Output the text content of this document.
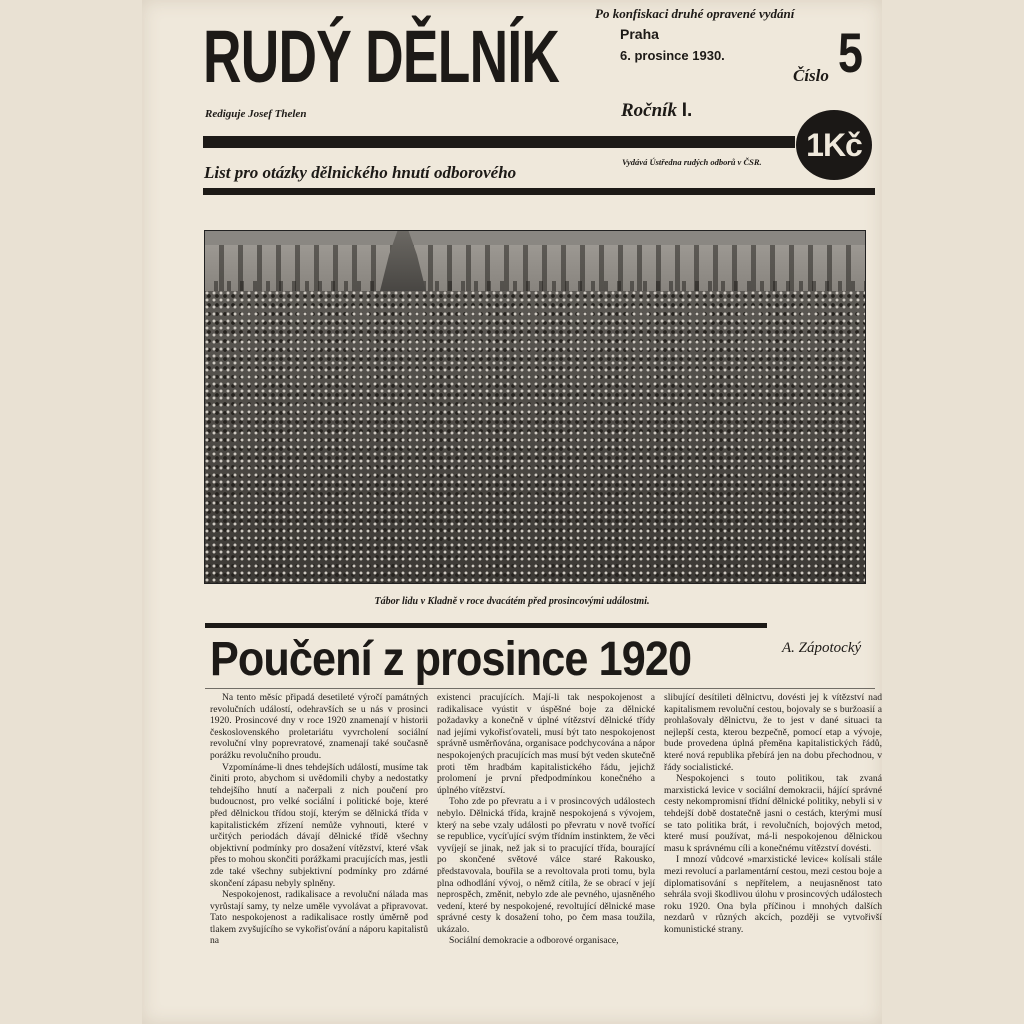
RUDÝ DĚLNÍK
Rediguje Josef Thelen
Po konfiskaci druhé opravené vydání
Praha
6. prosince 1930.
Číslo 5
Ročník I.
1Kč
List pro otázky dělnického hnutí odborového
Vydává Ústředna rudých odborů v ČSR.
Tábor lidu v Kladně v roce dvacátém před prosincovými událostmi.
Poučení z prosince 1920	A. Zápotocký

Na tento měsíc připadá desetileté výročí památných revolučních událostí, odehravších se u nás v prosinci 1920. Prosincové dny v roce 1920 znamenají v historii československého proletariátu vyvrcholení sociální revoluční vlny poprevratové, znamenají také současně porážku revolučního proudu.

Vzpomínáme-li dnes tehdejších událostí, musíme tak činiti proto, abychom si uvědomili chyby a nedostatky tehdejšího hnutí a načerpali z nich poučení pro budoucnost, pro velké sociální i politické boje, které před dělnickou třídou stojí, kterým se dělnická třída v kapitalistickém zřízení nemůže vyhnouti, které v určitých periodách dávají dělnické třídě všechny objektivní podmínky pro dosažení vítězství, které však přes to mohou skončiti porážkami pracujících mas, jestli zde také všechny subjektivní podmínky pro zdárné skončení zápasu nebyly splněny.

Nespokojenost, radikalisace a revoluční nálada mas vyrůstají samy, ty nelze uměle vyvolávat a připravovat. Tato nespokojenost a radikalisace rostly úměrně pod tlakem zvyšujícího se vykořisťování a náporu kapitalistů na

existenci pracujících. Mají-li tak nespokojenost a radikalisace vyústit v úspěšné boje za dělnické požadavky a konečně v úplné vítězství dělnické třídy nad jejími vykořisťovateli, musí být tato nespokojenost správně usměrňována, organisace podchycována a nápor nespokojených pracujících mas musí být veden skutečně proti těm hradbám kapitalistického řádu, jejichž prolomení je první předpodmínkou konečného a úplného vítězství.

Toho zde po převratu a i v prosincových událostech nebylo. Dělnická třída, krajně nespokojená s vývojem, který na sebe vzaly události po převratu v nově tvořící se republice, vycíťující svým třídním instinktem, že věci vyvíjejí se jinak, než jak si to pracující třída, bourající po skončené světové válce staré Rakousko, představovala, bouřila se a revoltovala proti tomu, byla plna odhodlání vývoj, o němž cítila, že se obrací v její neprospěch, změnit, nebylo zde ale pevného, ujasněného vedení, které by nespokojené, revoltující dělnické mase správné cesty k dosažení toho, po čem masa toužila, ukázalo.

Sociální demokracie a odborové organisace,

slibující desítileti dělnictvu, dovésti jej k vítězství nad kapitalismem revoluční cestou, bojovaly se s buržoasií a prohlašovaly dělnictvu, že to jest v dané situaci ta nejlepší cesta, kterou bezpečně, pomocí etap a vývoje, bude provedena úplná přeměna kapitalistických řádů, které nová republika přebírá jen na dobu přechodnou, v řády socialistické.

Nespokojenci s touto politikou, tak zvaná marxistická levice v sociální demokracii, hájící správné cesty nekompromisní třídní dělnické politiky, nebyli si v tehdejší době dostatečně jasni o cestách, kterými musí se tato politika brát, i revolučních, bojových metod, které musí používat, má-li nespokojenou dělnickou masu k správnému cíli a konečnému vítězství dovésti.

I mnozí vůdcové »marxistické levice« kolísali stále mezi revolucí a parlamentární cestou, mezi cestou boje a diplomatisování s nepřítelem, a neujasněnost tato sehrála svoji škodlivou úlohu v prosincových událostech roku 1920. Ona byla příčinou i mnohých dalších nezdarů v různých akcích, později se vytvořivší komunistické strany.
